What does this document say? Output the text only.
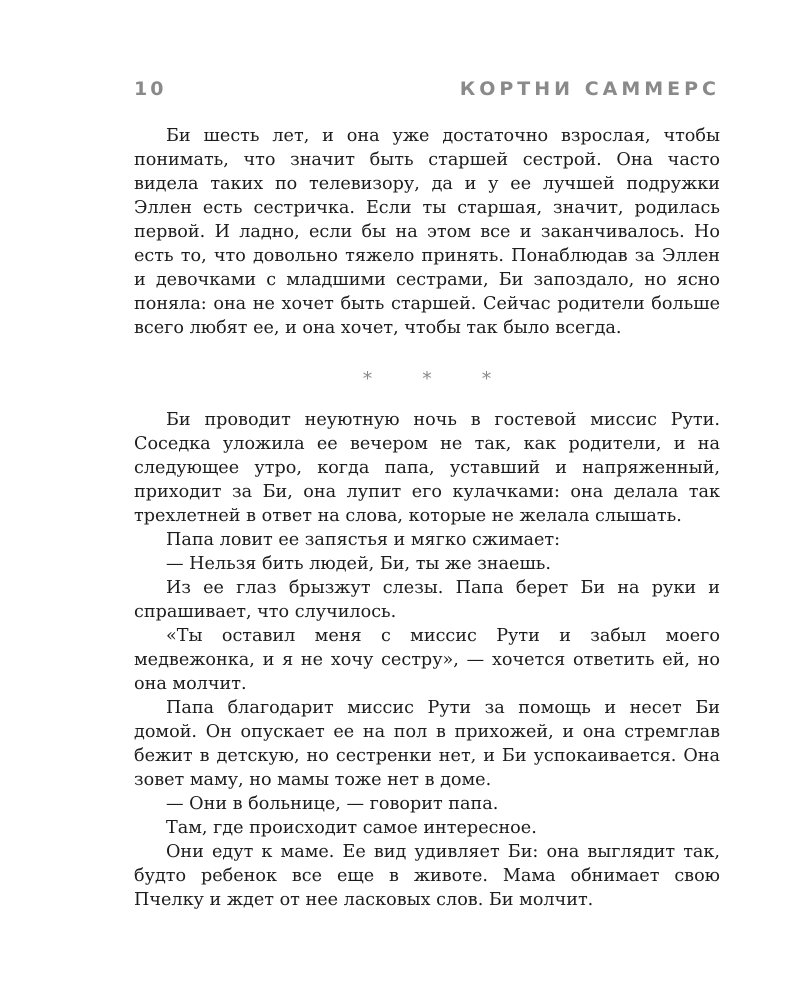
10	КОРТНИ САММЕРС

Би шесть лет, и она уже достаточно взрослая, чтобы понимать, что значит быть старшей сестрой. Она часто видела таких по телевизору, да и у ее лучшей подружки Эллен есть сестричка. Если ты старшая, значит, родилась первой. И ладно, если бы на этом все и заканчивалось. Но есть то, что довольно тяжело принять. Понаблюдав за Эллен и девочками с младшими сестрами, Би запоздало, но ясно поняла: она не хочет быть старшей. Сейчас родители больше всего любят ее, и она хочет, чтобы так было всегда.

* * *

Би проводит неуютную ночь в гостевой миссис Рути. Соседка уложила ее вечером не так, как родители, и на следующее утро, когда папа, уставший и напряженный, приходит за Би, она лупит его кулачками: она делала так трехлетней в ответ на слова, которые не желала слышать.

Папа ловит ее запястья и мягко сжимает:

— Нельзя бить людей, Би, ты же знаешь.

Из ее глаз брызжут слезы. Папа берет Би на руки и спрашивает, что случилось.

«Ты оставил меня с миссис Рути и забыл моего медвежонка, и я не хочу сестру», — хочется ответить ей, но она молчит.

Папа благодарит миссис Рути за помощь и несет Би домой. Он опускает ее на пол в прихожей, и она стремглав бежит в детскую, но сестренки нет, и Би успокаивается. Она зовет маму, но мамы тоже нет в доме.

— Они в больнице, — говорит папа.

Там, где происходит самое интересное.

Они едут к маме. Ее вид удивляет Би: она выглядит так, будто ребенок все еще в животе. Мама обнимает свою Пчелку и ждет от нее ласковых слов. Би молчит.
